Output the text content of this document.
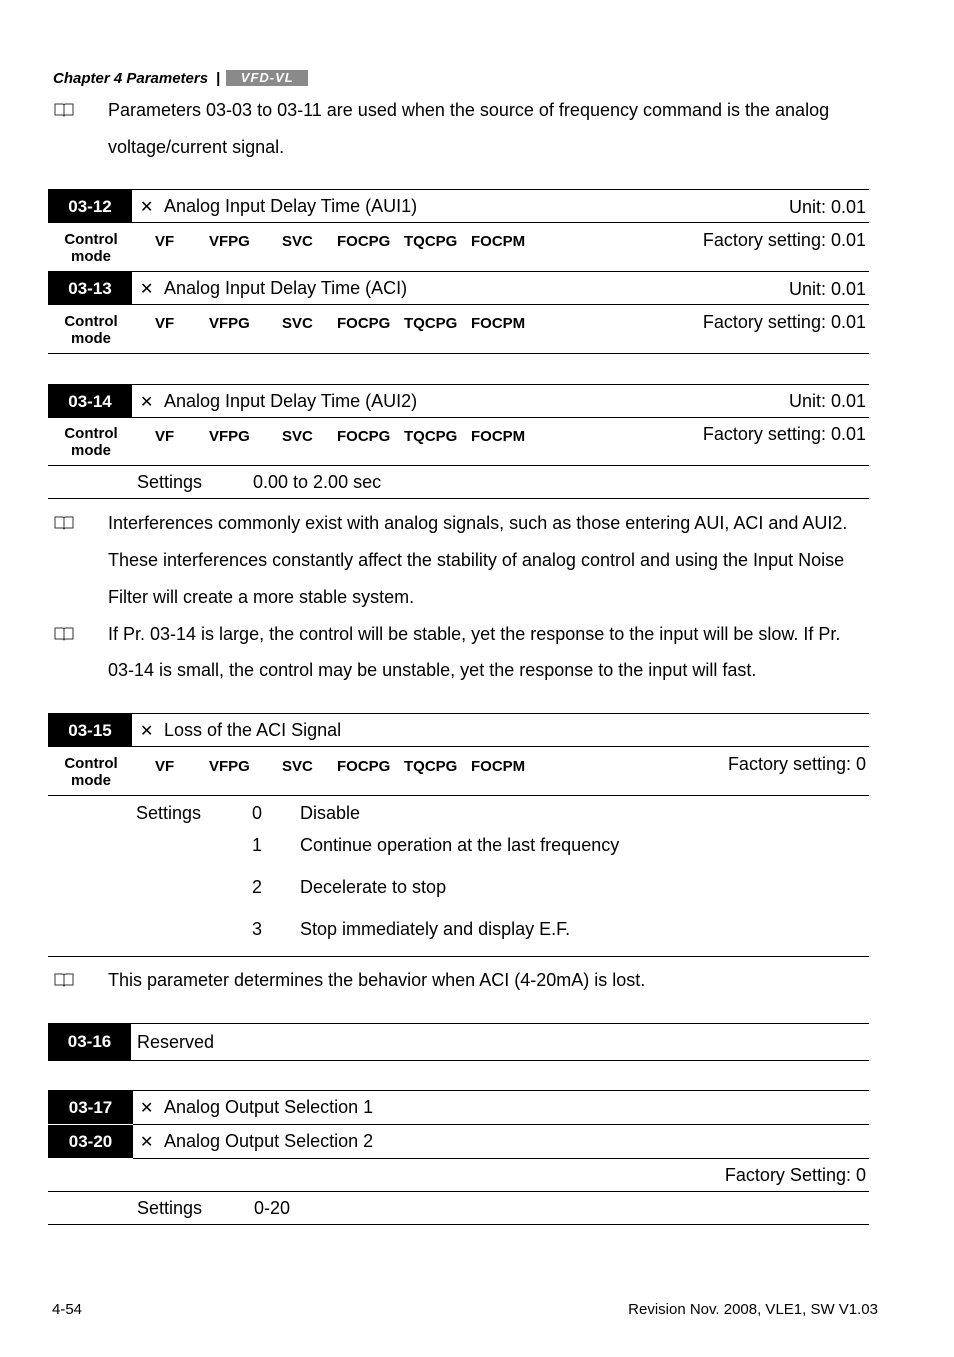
Chapter 4 Parameters |	VFD-VL
Parameters 03-03 to 03-11 are used when the source of frequency command is the analog
voltage/current signal.
03-12	✕ Analog Input Delay Time (AUI1)	Unit: 0.01
Control
mode
VF VFPG SVC FOCPG TQCPG FOCPM	Factory setting: 0.01
03-13	✕ Analog Input Delay Time (ACI)	Unit: 0.01
Control
mode
VF VFPG SVC FOCPG TQCPG FOCPM	Factory setting: 0.01
03-14	✕ Analog Input Delay Time (AUI2)	Unit: 0.01
Control
mode
VF VFPG SVC FOCPG TQCPG FOCPM	Factory setting: 0.01
Settings	0.00 to 2.00 sec
Interferences commonly exist with analog signals, such as those entering AUI, ACI and AUI2.
These interferences constantly affect the stability of analog control and using the Input Noise
Filter will create a more stable system.
If Pr. 03-14 is large, the control will be stable, yet the response to the input will be slow. If Pr.
03-14 is small, the control may be unstable, yet the response to the input will fast.
03-15	✕ Loss of the ACI Signal
Control
mode
VF VFPG SVC FOCPG TQCPG FOCPM	Factory setting: 0
Settings	0 Disable
1 Continue operation at the last frequency
2 Decelerate to stop
3 Stop immediately and display E.F.
This parameter determines the behavior when ACI (4-20mA) is lost.
03-16	Reserved
03-17	✕ Analog Output Selection 1
03-20	✕ Analog Output Selection 2
Factory Setting: 0
Settings	0-20
4-54	Revision Nov. 2008, VLE1, SW V1.03
